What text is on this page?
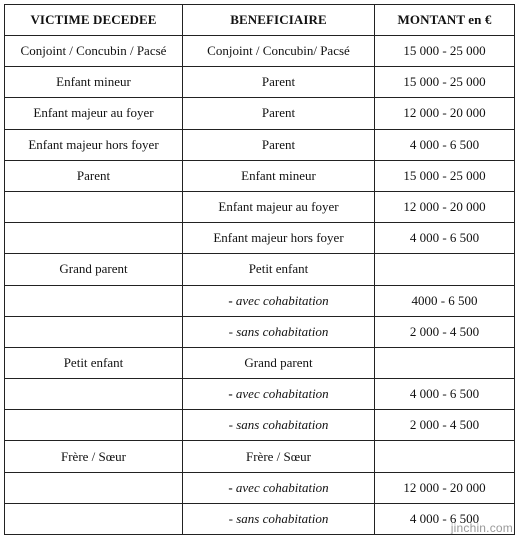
VICTIME DECEDEE	BENEFICIAIRE	MONTANT en €
Conjoint / Concubin / Pacsé	Conjoint / Concubin/ Pacsé	15 000 - 25 000
Enfant mineur	Parent	15 000 - 25 000
Enfant majeur au foyer	Parent	12 000 - 20 000
Enfant majeur hors foyer	Parent	4 000 - 6 500
Parent	Enfant mineur	15 000 - 25 000
	Enfant majeur au foyer	12 000 - 20 000
	Enfant majeur hors foyer	4 000 - 6 500
Grand parent	Petit enfant	
	- avec cohabitation	4000 - 6 500
	- sans cohabitation	2 000 - 4 500
Petit enfant	Grand parent	
	- avec cohabitation	4 000 - 6 500
	- sans cohabitation	2 000 - 4 500
Frère / Sœur	Frère / Sœur	
	- avec cohabitation	12 000 - 20 000
	- sans cohabitation	4 000 - 6 500
jinchin.com
